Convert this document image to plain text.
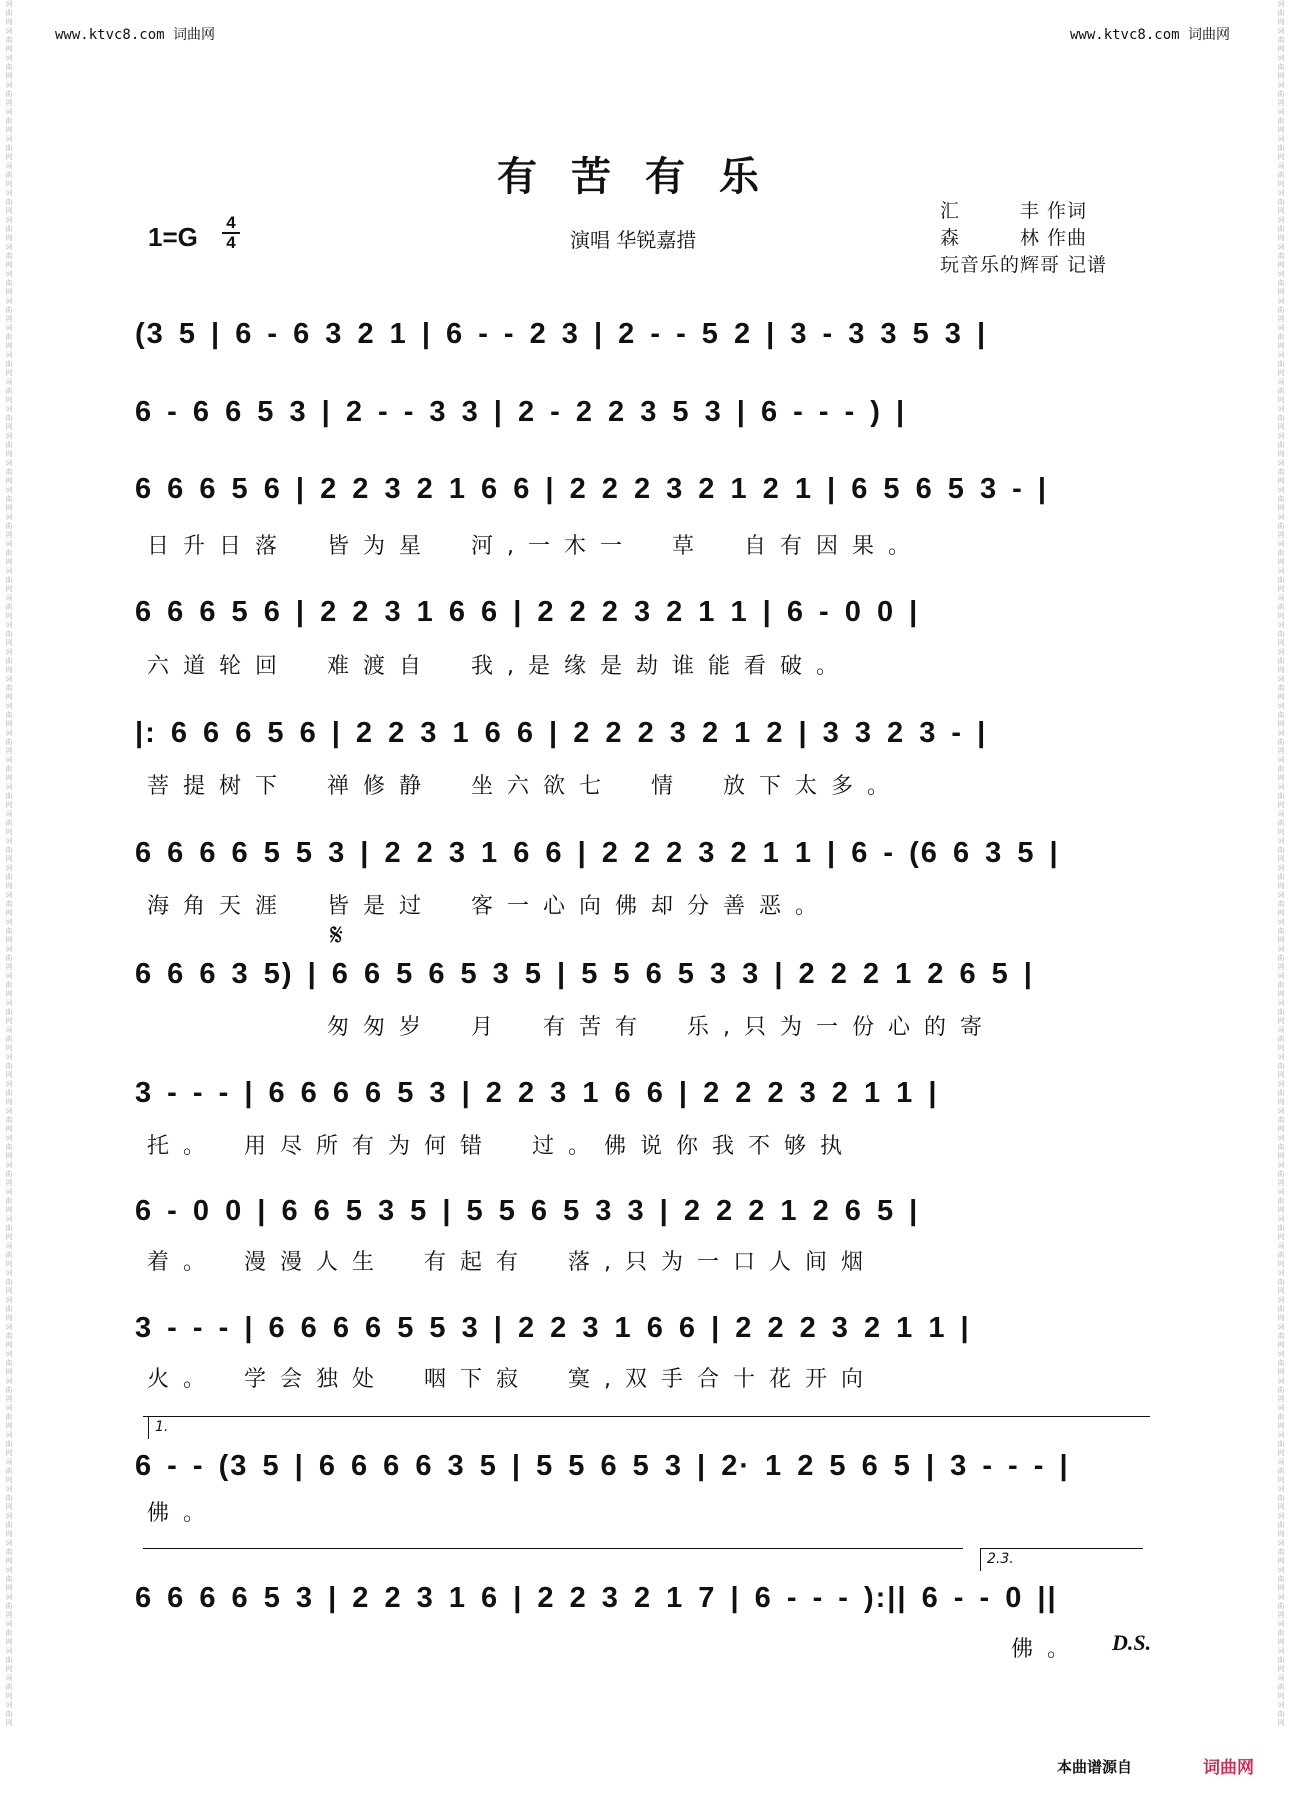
www.ktvc8.com 词曲网	www.ktvc8.com 词曲网
词曲网词曲网词曲网词曲网词曲网词曲网词曲网词曲网词曲网词曲网词曲网词曲网词曲网词曲网词曲网词曲网词曲网词曲网词曲网词曲网词曲网词曲网词曲网词曲网词曲网词曲网词曲网词曲网词曲网词曲网词曲网词曲网词曲网词曲网词曲网词曲网词曲网词曲网词曲网词曲网词曲网词曲网词曲网词曲网词曲网词曲网词曲网词曲网词曲网词曲网词曲网词曲网词曲网词曲网词曲网词曲网词曲网词曲网词曲网词曲网词曲网词曲网词曲网词曲网
词曲网词曲网词曲网词曲网词曲网词曲网词曲网词曲网词曲网词曲网词曲网词曲网词曲网词曲网词曲网词曲网词曲网词曲网词曲网词曲网词曲网词曲网词曲网词曲网词曲网词曲网词曲网词曲网词曲网词曲网词曲网词曲网词曲网词曲网词曲网词曲网词曲网词曲网词曲网词曲网词曲网词曲网词曲网词曲网词曲网词曲网词曲网词曲网词曲网词曲网词曲网词曲网词曲网词曲网词曲网词曲网词曲网词曲网词曲网词曲网词曲网词曲网词曲网词曲网
有苦有乐
1=G 4
4	演唱 华锐嘉措
汇　　　丰 作词
森　　　林 作曲
玩音乐的辉哥 记谱
(3 5 | 6 - 6 3 2 1 | 6 - - 2 3 | 2 - - 5 2 | 3 - 3 3 5 3 |
6 - 6 6 5 3 | 2 - - 3 3 | 2 - 2 2 3 5 3 | 6 - - - ) |
6 6 6 5 6 | 2 2 3 2 1 6 6 | 2 2 2 3 2 1 2 1 | 6 5 6 5 3 - |
日升日落　皆为星　河,一木一　草　自有因果。
6 6 6 5 6 | 2 2 3 1 6 6 | 2 2 2 3 2 1 1 | 6 - 0 0 |
六道轮回　难渡自　我,是缘是劫谁能看破。
|: 6 6 6 5 6 | 2 2 3 1 6 6 | 2 2 2 3 2 1 2 | 3 3 2 3 - |
菩提树下　禅修静　坐六欲七　情　放下太多。
6 6 6 6 5 5 3 | 2 2 3 1 6 6 | 2 2 2 3 2 1 1 | 6 - (6 6 3 5 |
海角天涯　皆是过　客一心向佛却分善恶。
𝄋
6 6 6 3 5) | 6 6 5 6 5 3 5 | 5 5 6 5 3 3 | 2 2 2 1 2 6 5 |
　　　　　匆匆岁　月　有苦有　乐,只为一份心的寄
3 - - - | 6 6 6 6 5 3 | 2 2 3 1 6 6 | 2 2 2 3 2 1 1 |
托。　用尽所有为何错　过。佛说你我不够执
6 - 0 0 | 6 6 5 3 5 | 5 5 6 5 3 3 | 2 2 2 1 2 6 5 |
着。　漫漫人生　有起有　落,只为一口人间烟
3 - - - | 6 6 6 6 5 5 3 | 2 2 3 1 6 6 | 2 2 2 3 2 1 1 |
火。　学会独处　咽下寂　寞,双手合十花开向
1.
6 - - (3 5 | 6 6 6 6 3 5 | 5 5 6 5 3 | 2· 1 2 5 6 5 | 3 - - - |
佛。
2.3.
6 6 6 6 5 3 | 2 2 3 1 6 | 2 2 3 2 1 7 | 6 - - - ):|| 6 - - 0 ||
　　　　　　　　　　　　　　　　　　　　　　　　佛。 D.S.
本曲谱源自	词曲网
